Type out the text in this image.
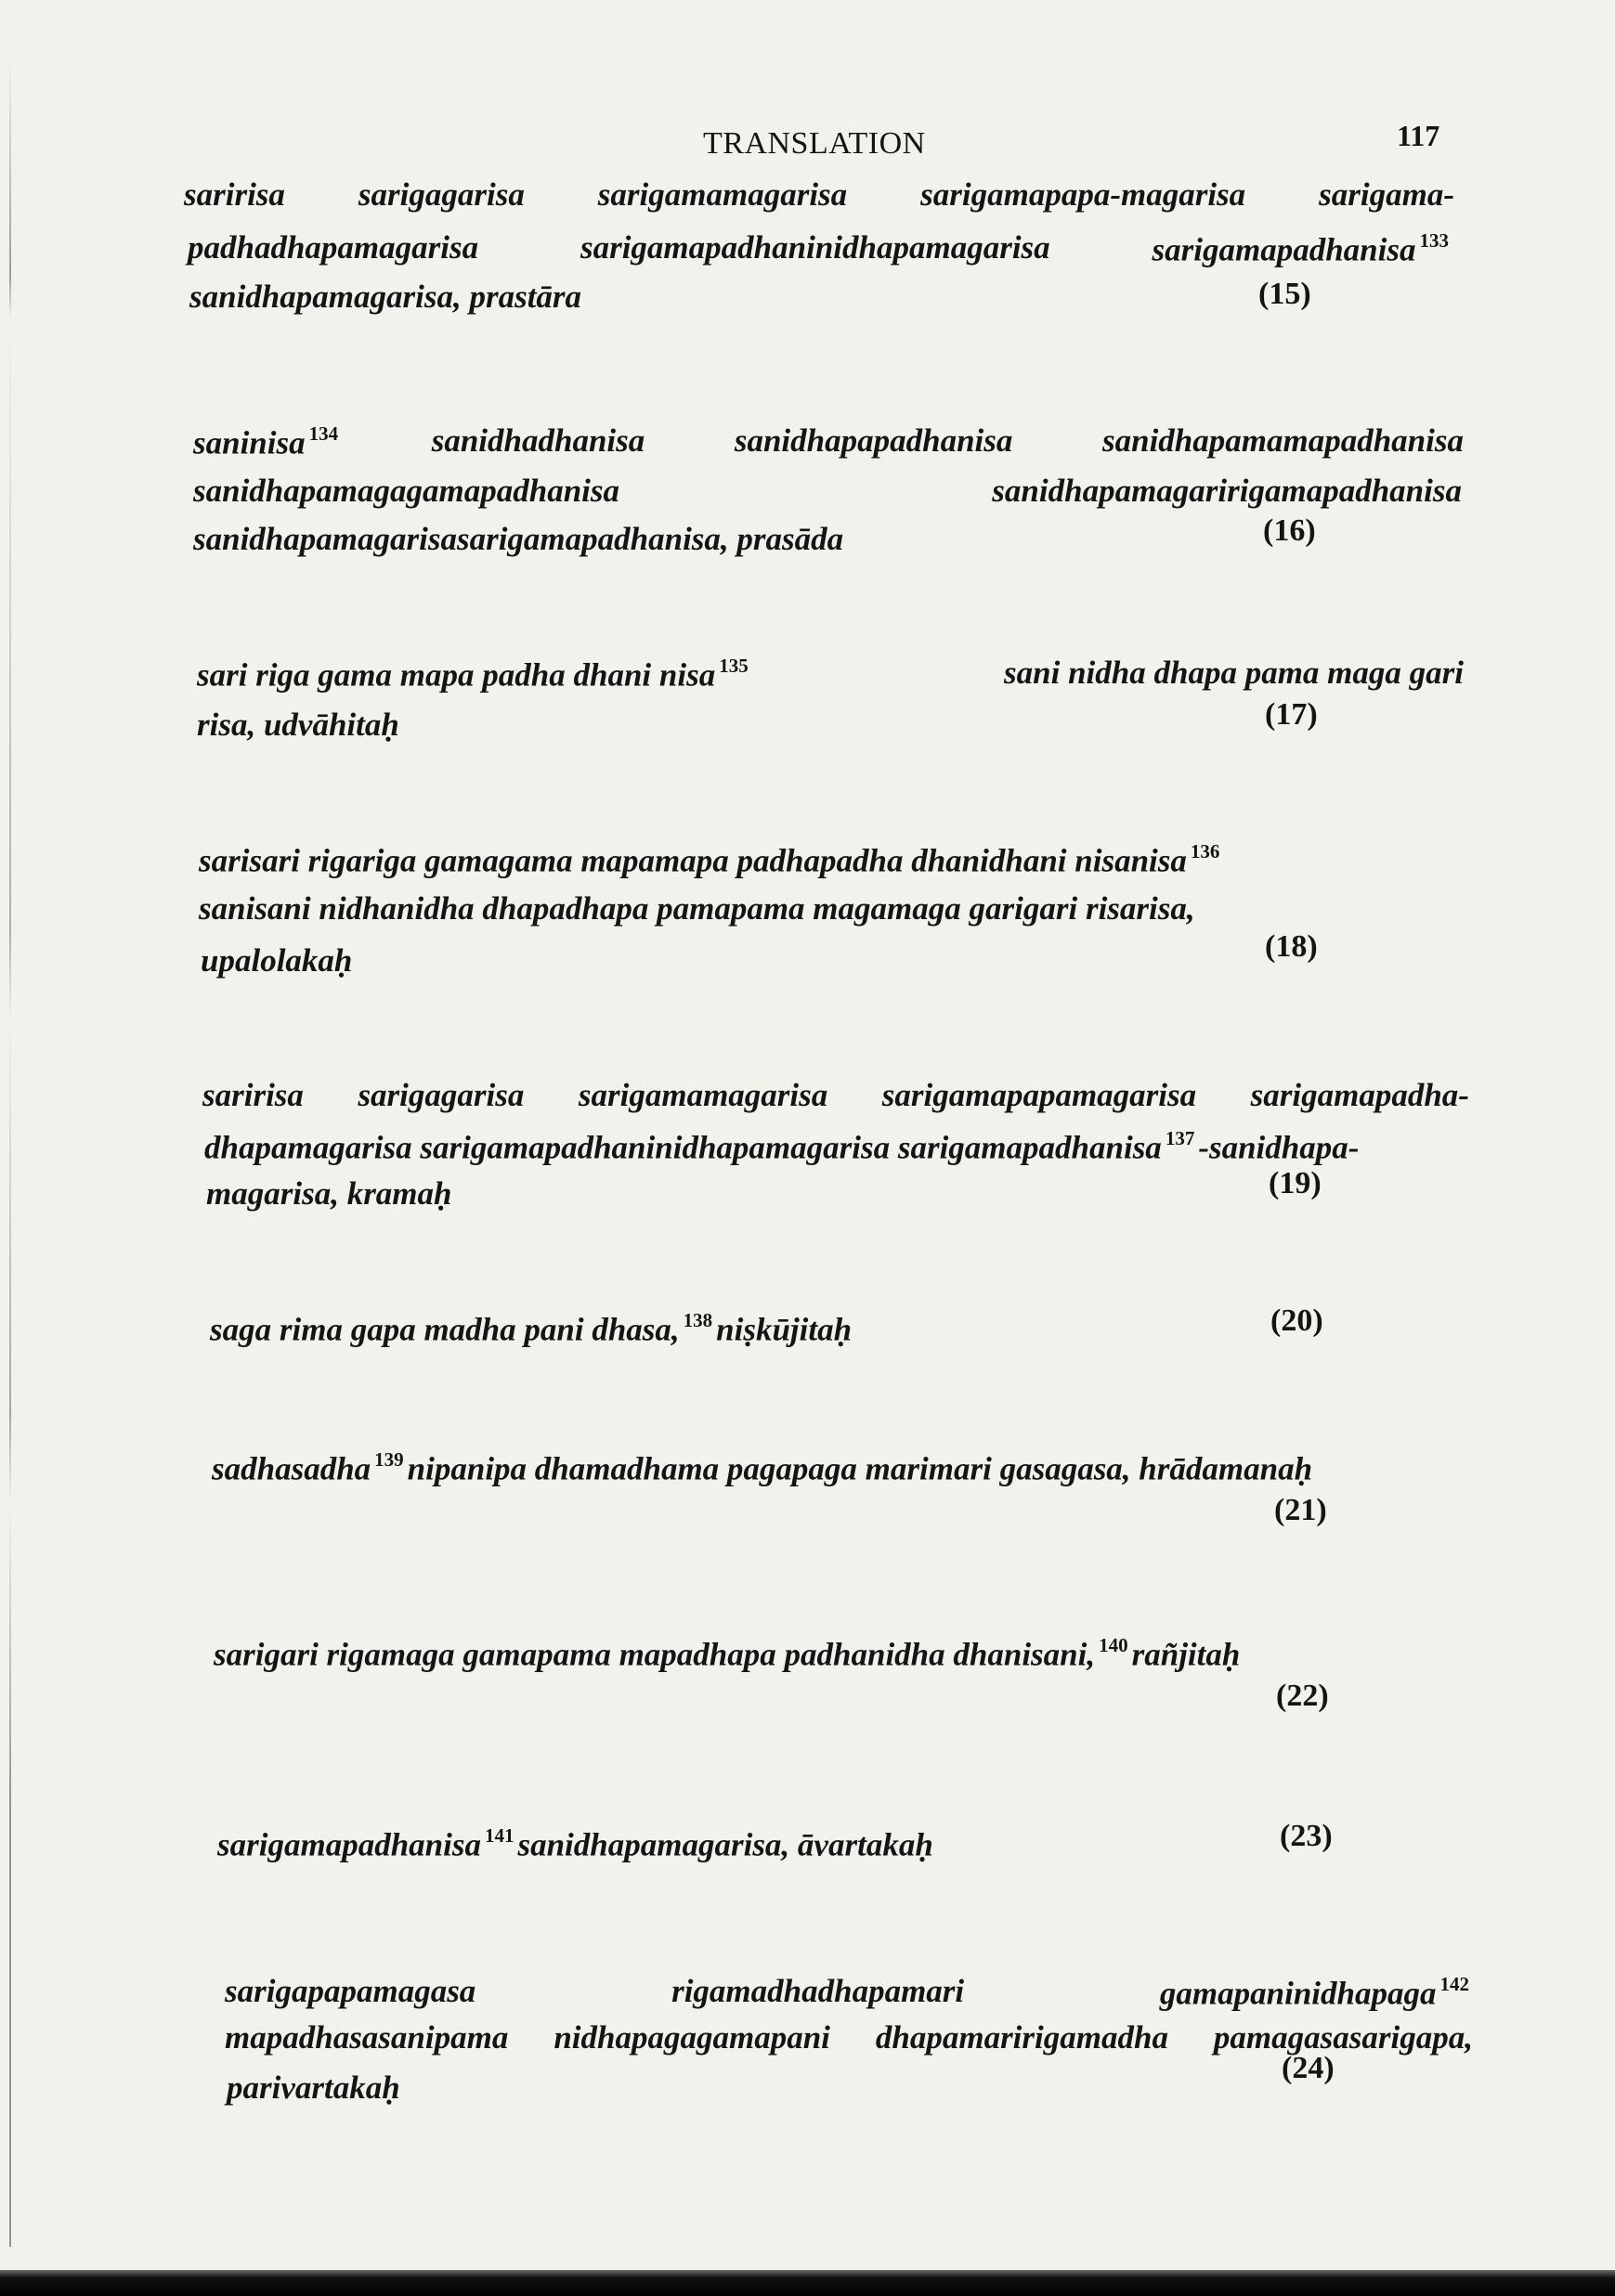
TRANSLATION	117
saririsa sarigagarisa sarigamamagarisa sarigamapapa-magarisa sarigama-
padhadhapamagarisa	sarigamapadhaninidhapamagarisa	sarigamapadhanisa $^{133}$
sanidhapamagarisa, prastāra	(15)
saninisa $^{134}$	sanidhadhanisa	sanidhapapadhanisa	sanidhapamamapadhanisa
sanidhapamagagamapadhanisa	sanidhapamagaririgamapadhanisa
sanidhapamagarisasarigamapadhanisa, prasāda	(16)
sari riga gama mapa padha dhani nisa $^{135}$	sani nidha dhapa pama maga gari
risa, udvāhitaḥ	(17)
sarisari rigariga gamagama mapamapa padhapadha dhanidhani nisanisa $^{136}$
sanisani nidhanidha dhapadhapa pamapama magamaga garigari risarisa,
upalolakaḥ	(18)
saririsa sarigagarisa sarigamamagarisa sarigamapapamagarisa sarigamapadha-
dhapamagarisa sarigamapadhaninidhapamagarisa sarigamapadhanisa $^{137}$ -sanidhapa-
magarisa, kramaḥ	(19)
saga rima gapa madha pani dhasa, $^{138}$ niṣkūjitaḥ	(20)
sadhasadha $^{139}$ nipanipa dhamadhama pagapaga marimari gasagasa, hrādamanaḥ
(21)
sarigari rigamaga gamapama mapadhapa padhanidha dhanisani, $^{140}$ rañjitaḥ
(22)
sarigamapadhanisa $^{141}$ sanidhapamagarisa, āvartakaḥ	(23)
sarigapapamagasa	rigamadhadhapamari	gamapaninidhapaga $^{142}$
mapadhasasanipama nidhapagagamapani dhapamaririgamadha pamagasasarigapa,
parivartakaḥ
(24)
